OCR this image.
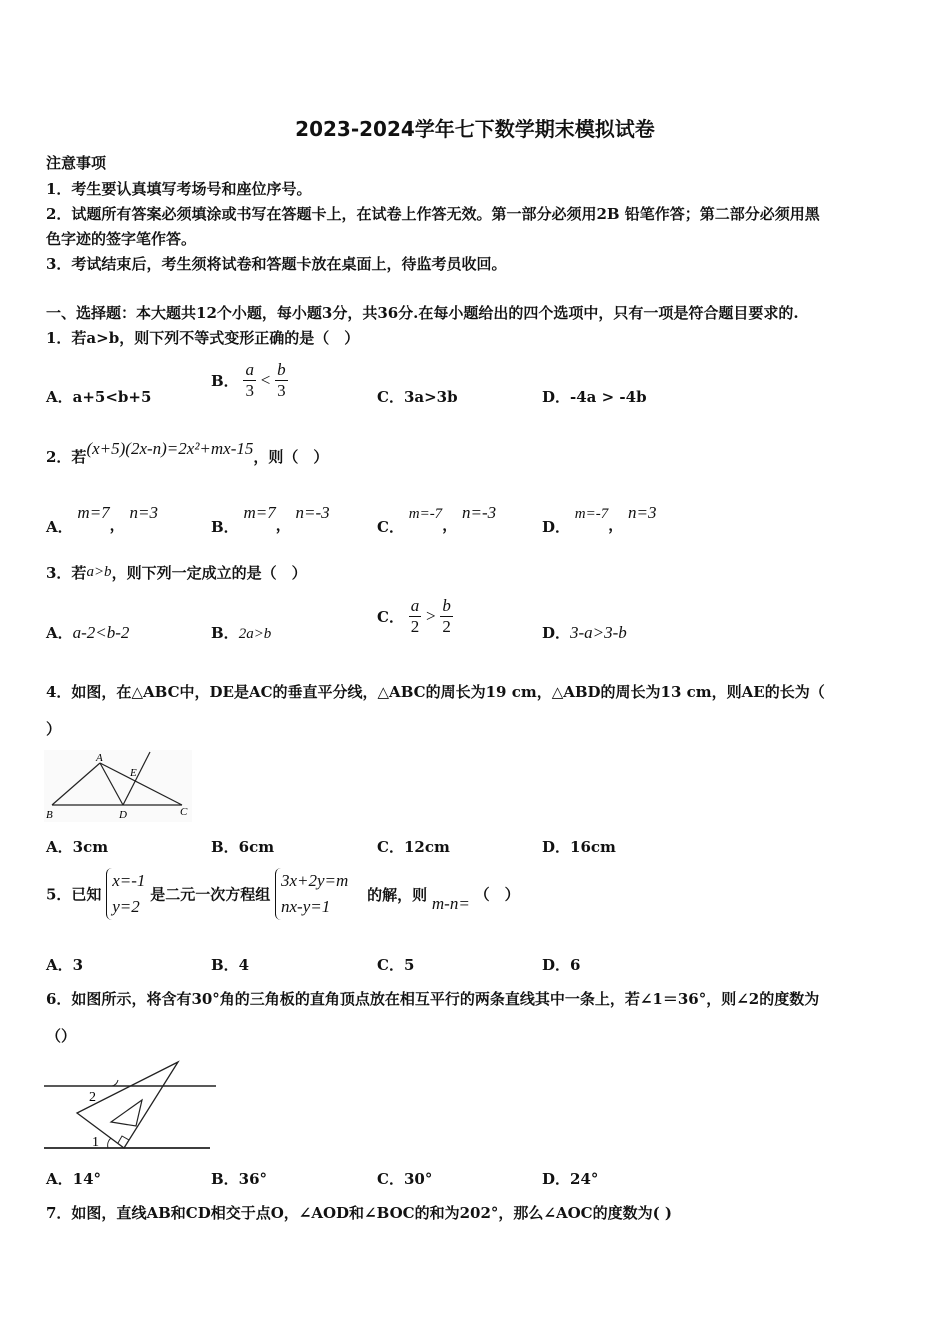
2023-2024学年七下数学期末模拟试卷
注意事项
1．考生要认真填写考场号和座位序号。
2．试题所有答案必须填涂或书写在答题卡上，在试卷上作答无效。第一部分必须用2B 铅笔作答；第二部分必须用黑
色字迹的签字笔作答。
3．考试结束后，考生须将试卷和答题卡放在桌面上，待监考员收回。
一、选择题：本大题共12个小题，每小题3分，共36分.在每小题给出的四个选项中，只有一项是符合题目要求的.
1．若a>b，则下列不等式变形正确的是（　）
A．a+5<b+5
B． $\frac{a}{3} < \frac{b}{3}$	C．3a>3b	D．-4a > -4b
2．若(x+5)(2x-n)=2x²+mx-15，则（　）
A． m=7， n=3
B． m=7， n=-3
C． m=-7， n=-3
D． m=-7， n=3
3．若a>b，则下列一定成立的是（　）
A．a-2<b-2	B．2a>b
C． $\frac{a}{2} > \frac{b}{2}$	D．3-a>3-b
4．如图，在△ABC中，DE是AC的垂直平分线，△ABC的周长为19 cm，△ABD的周长为13 cm，则AE的长为（
）
A
E
B	D	C
A．3cm	B．6cm	C．12cm	D．16cm
5．已知 x=-1
y=2 是二元一次方程组 3x+2y=m
nx-y=1 的解，则 m-n= （　）
A．3	B．4	C．5	D．6
6．如图所示，将含有30°角的三角板的直角顶点放在相互平行的两条直线其中一条上，若∠1＝36°，则∠2的度数为
（）
2
1
A．14°	B．36°	C．30°	D．24°
7．如图，直线AB和CD相交于点O，∠AOD和∠BOC的和为202°，那么∠AOC的度数为( )
